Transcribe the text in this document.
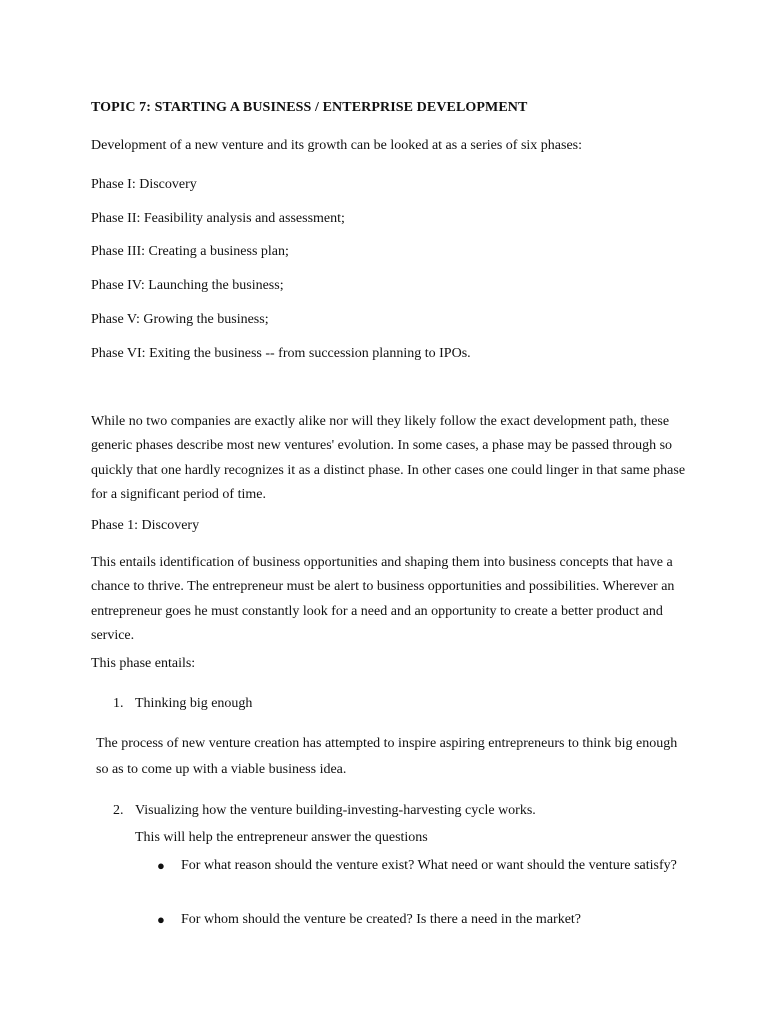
TOPIC 7: STARTING A BUSINESS / ENTERPRISE DEVELOPMENT
Development of a new venture and its growth can be looked at as a series of six phases:
Phase I: Discovery
Phase II: Feasibility analysis and assessment;
Phase III: Creating a business plan;
Phase IV: Launching the business;
Phase V: Growing the business;
Phase VI: Exiting the business -- from succession planning to IPOs.

While no two companies are exactly alike nor will they likely follow the exact development path, these generic phases describe most new ventures' evolution. In some cases, a phase may be passed through so quickly that one hardly recognizes it as a distinct phase. In other cases one could linger in that same phase for a significant period of time.

Phase 1: Discovery

This entails identification of business opportunities and shaping them into business concepts that have a chance to thrive. The entrepreneur must be alert to business opportunities and possibilities. Wherever an entrepreneur goes he must constantly look for a need and an opportunity to create a better product and service.

This phase entails:
1. Thinking big enough

The process of new venture creation has attempted to inspire aspiring entrepreneurs to think big enough so as to come up with a viable business idea.

2. Visualizing how the venture building-investing-harvesting cycle works.
This will help the entrepreneur answer the questions
● For what reason should the venture exist? What need or want should the venture satisfy?
● For whom should the venture be created? Is there a need in the market?
